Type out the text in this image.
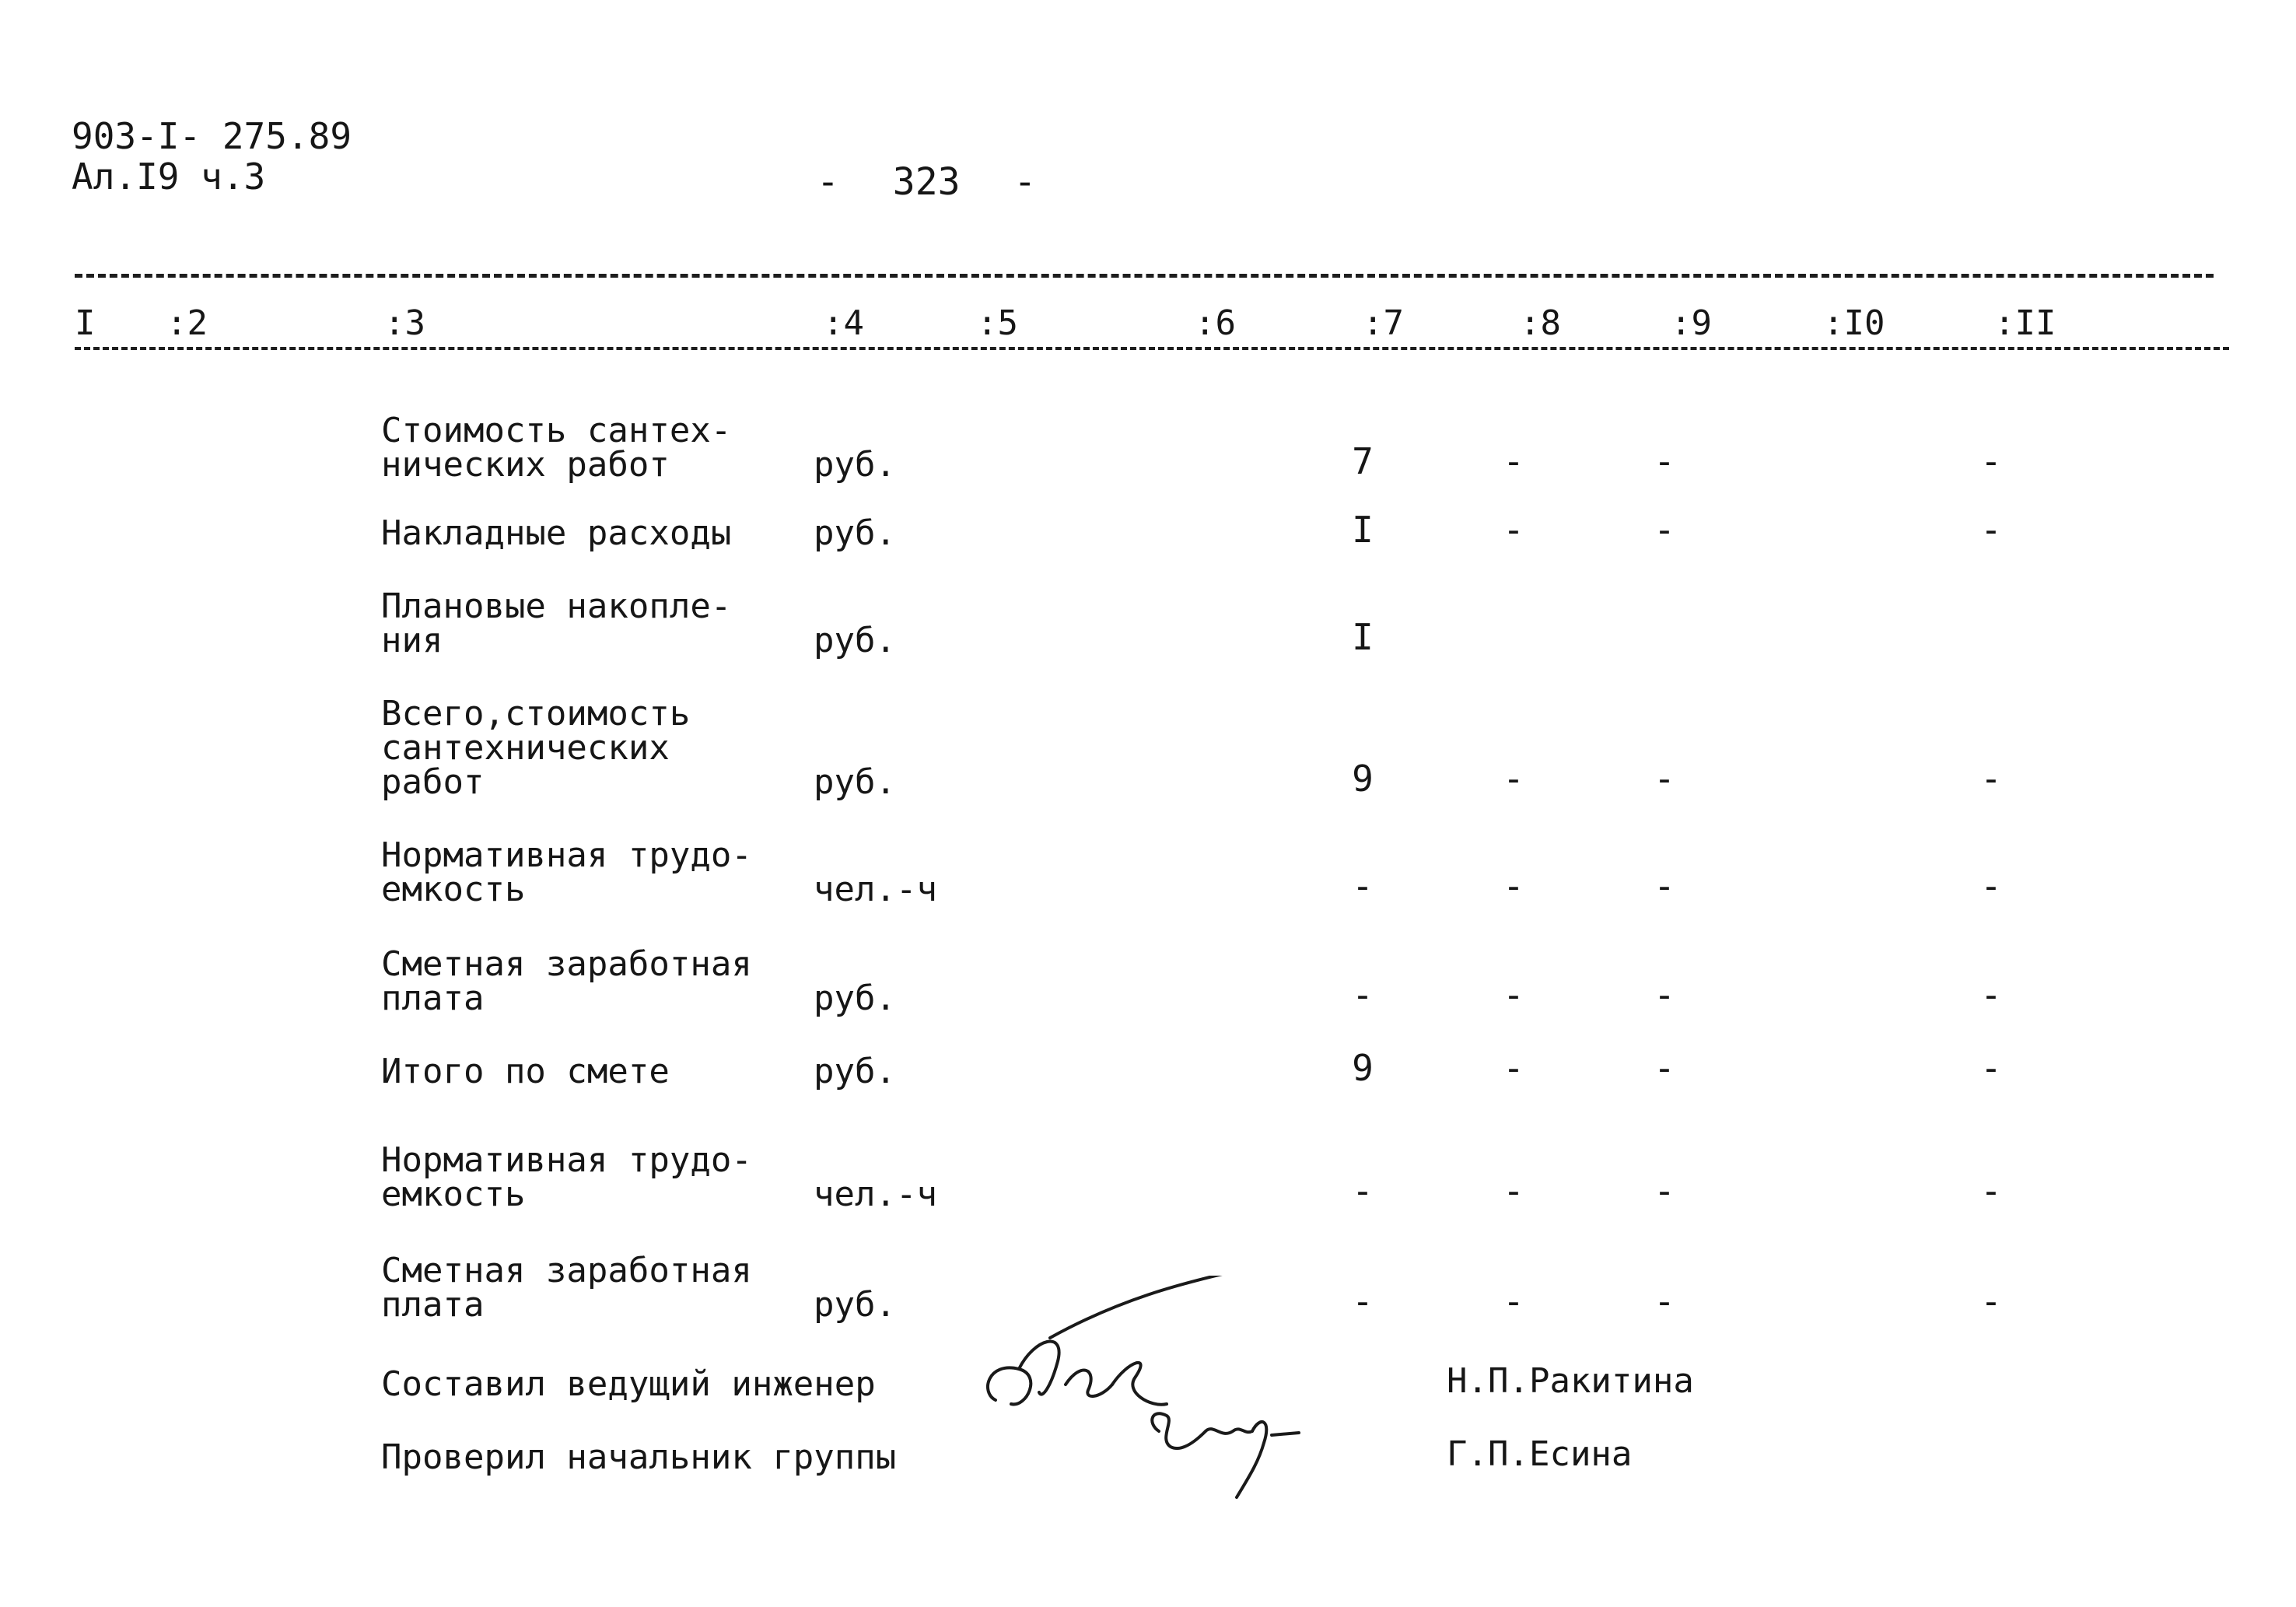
903-I- 275.89
Ал.I9 ч.3	- 323 -
I :2	:3	:4	:5	:6	:7	:8	:9	:I0	:II
Стоимость сантех-
нических работ	руб.	7	-	-	-
Накладные расходы руб.	I	-	-	-
Плановые накопле-
ния	руб.	I
Всего,стоимость
сантехнических
работ	руб.	9	-	-	-
Нормативная трудо-
емкость	чел.-ч	-	-	-	-
Сметная заработная
плата	руб.	-	-	-	-
Итого по смете	руб.	9	-	-	-
Нормативная трудо-
емкость	чел.-ч	-	-	-	-
Сметная заработная
плата	руб.	-	-	-	-
Составил ведущий инженер	Н.П.Ракитина
Проверил начальник группы	Г.П.Есина
